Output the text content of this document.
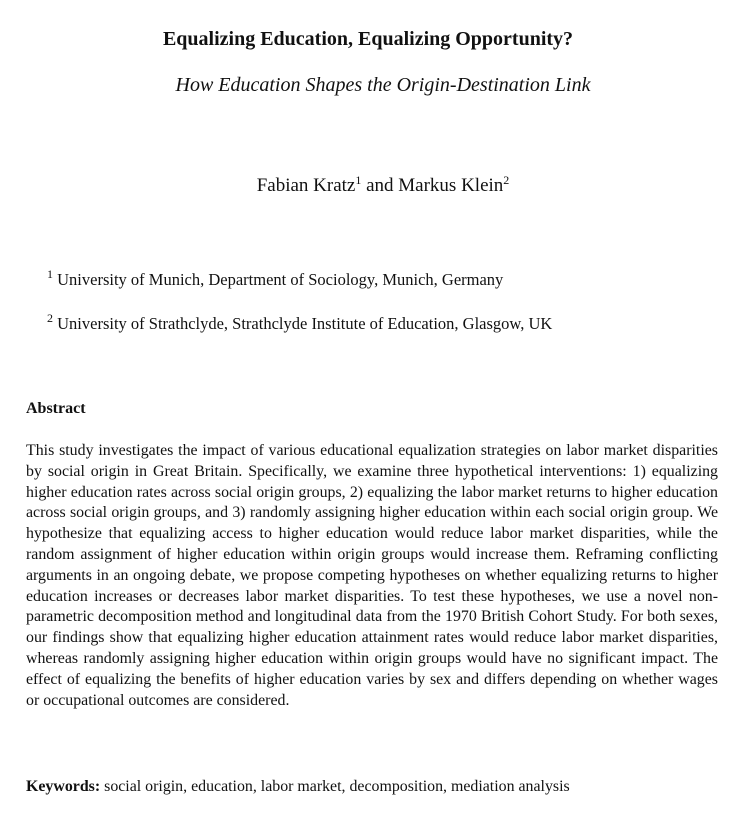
Equalizing Education, Equalizing Opportunity?
How Education Shapes the Origin-Destination Link
Fabian Kratz$^1$ and Markus Klein$^2$
$^1$ University of Munich, Department of Sociology, Munich, Germany
$^2$ University of Strathclyde, Strathclyde Institute of Education, Glasgow, UK
Abstract
This study investigates the impact of various educational equalization strategies on labor market disparities by social origin in Great Britain. Specifically, we examine three hypothetical interventions: 1) equalizing higher education rates across social origin groups, 2) equalizing the labor market returns to higher education across social origin groups, and 3) randomly assigning higher education within each social origin group. We hypothesize that equalizing access to higher education would reduce labor market disparities, while the random assignment of higher education within origin groups would increase them. Reframing conflicting arguments in an ongoing debate, we propose competing hypotheses on whether equalizing returns to higher education increases or decreases labor market disparities. To test these hypotheses, we use a novel non-parametric decomposition method and longitudinal data from the 1970 British Cohort Study. For both sexes, our findings show that equalizing higher education attainment rates would reduce labor market disparities, whereas randomly assigning higher education within origin groups would have no significant impact. The effect of equalizing the benefits of higher education varies by sex and differs depending on whether wages or occupational outcomes are considered.
Keywords: social origin, education, labor market, decomposition, mediation analysis
